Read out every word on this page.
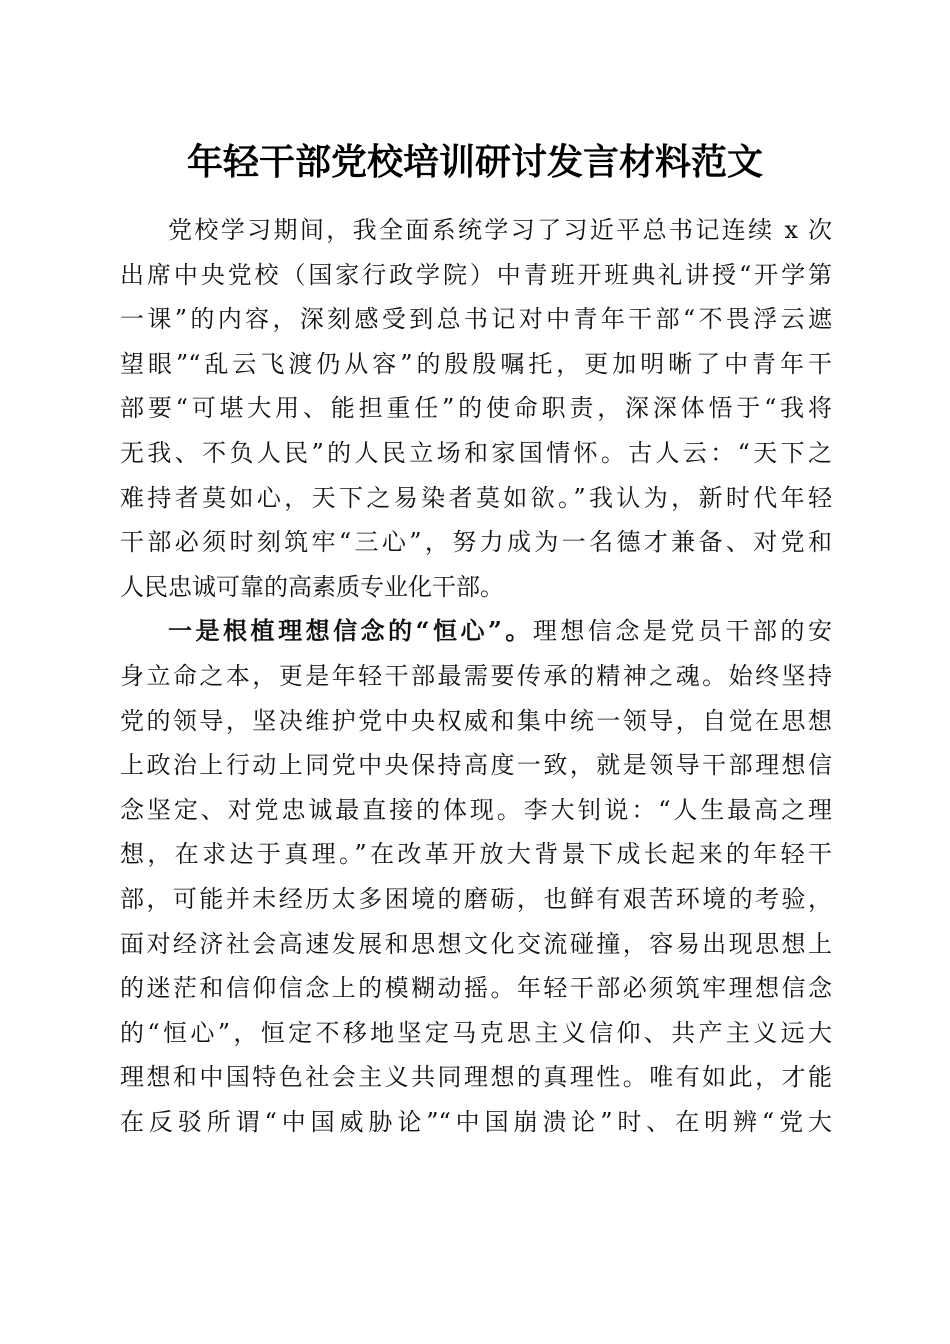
年轻干部党校培训研讨发言材料范文
党校学习期间，我全面系统学习了习近平总书记连续 x 次
出席中央党校（国家行政学院）中青班开班典礼讲授“开学第
一课”的内容，深刻感受到总书记对中青年干部“不畏浮云遮
望眼”“乱云飞渡仍从容”的殷殷嘱托，更加明晰了中青年干
部要“可堪大用、能担重任”的使命职责，深深体悟于“我将
无我、不负人民”的人民立场和家国情怀。古人云：“天下之
难持者莫如心，天下之易染者莫如欲。”我认为，新时代年轻
干部必须时刻筑牢“三心”，努力成为一名德才兼备、对党和
人民忠诚可靠的高素质专业化干部。
一是根植理想信念的“恒心”。理想信念是党员干部的安
身立命之本，更是年轻干部最需要传承的精神之魂。始终坚持
党的领导，坚决维护党中央权威和集中统一领导，自觉在思想
上政治上行动上同党中央保持高度一致，就是领导干部理想信
念坚定、对党忠诚最直接的体现。李大钊说：“人生最高之理
想，在求达于真理。”在改革开放大背景下成长起来的年轻干
部，可能并未经历太多困境的磨砺，也鲜有艰苦环境的考验，
面对经济社会高速发展和思想文化交流碰撞，容易出现思想上
的迷茫和信仰信念上的模糊动摇。年轻干部必须筑牢理想信念
的“恒心”，恒定不移地坚定马克思主义信仰、共产主义远大
理想和中国特色社会主义共同理想的真理性。唯有如此，才能
在反驳所谓“中国威胁论”“中国崩溃论”时、在明辨“党大
